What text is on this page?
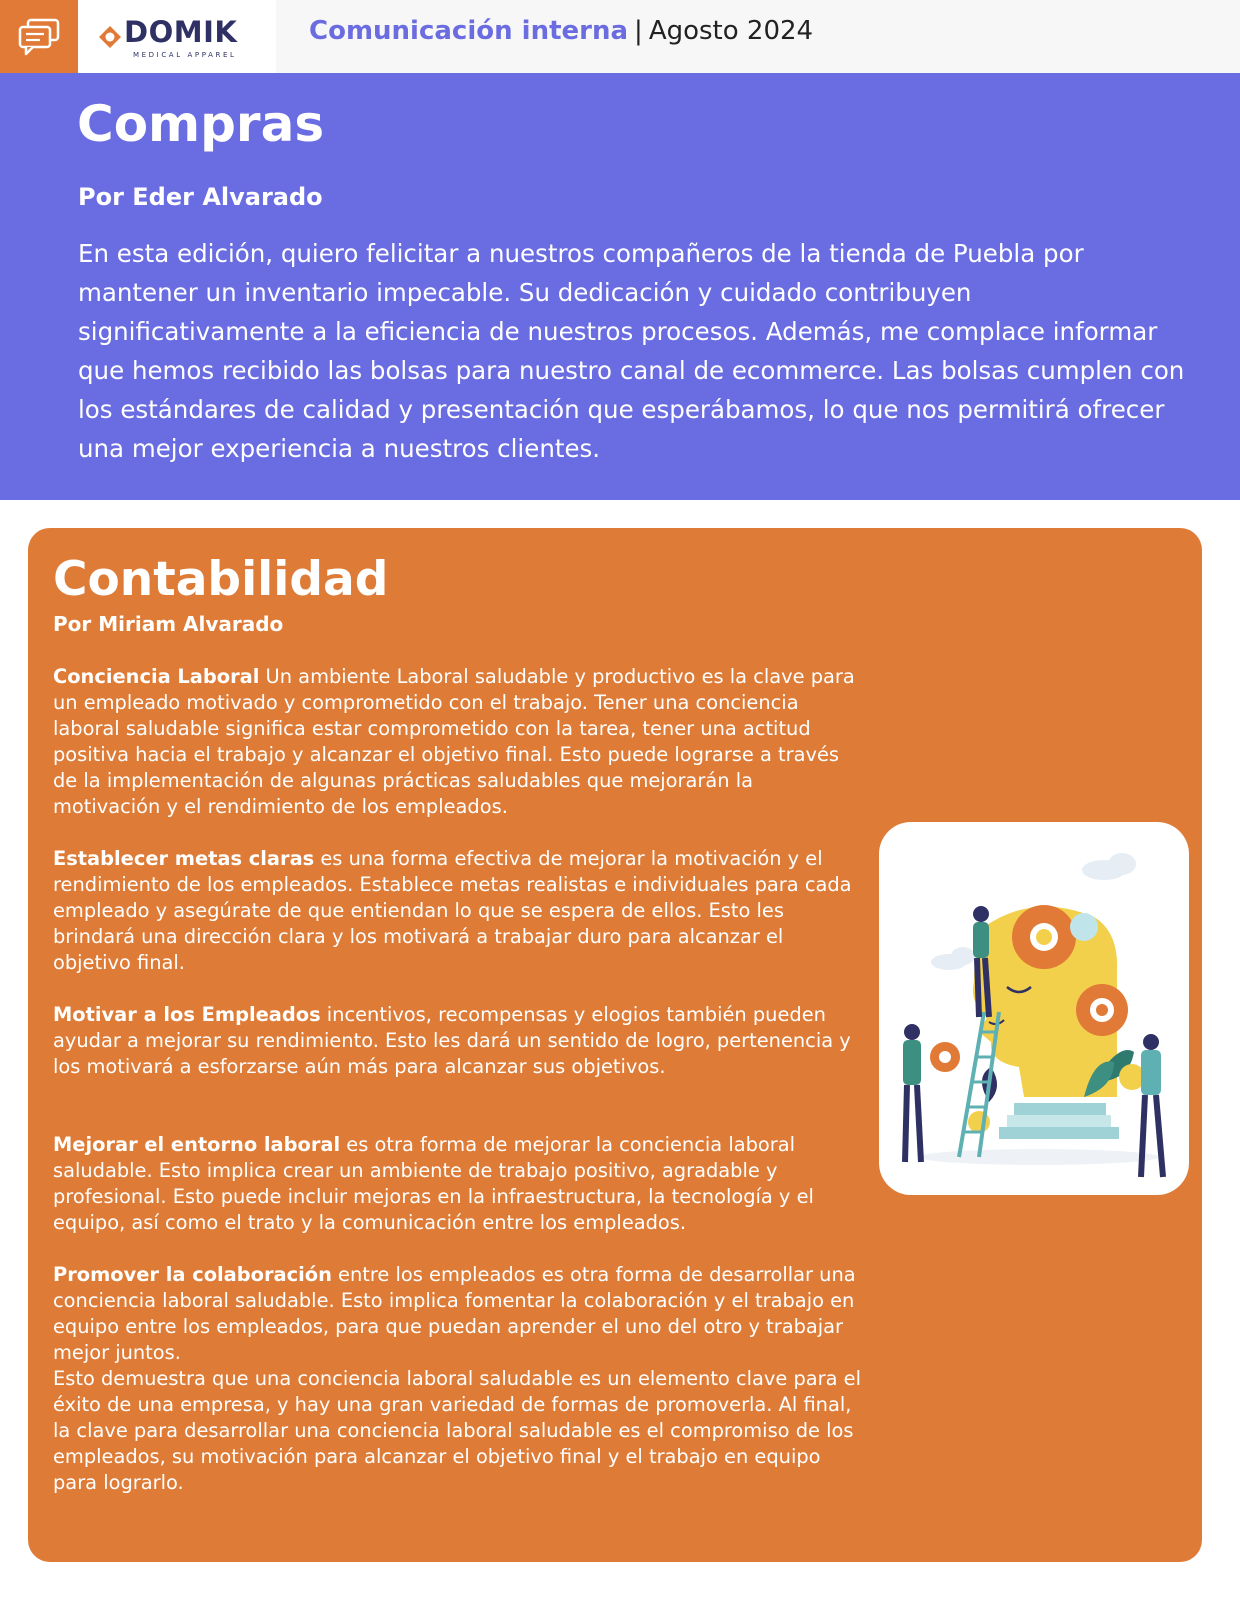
DOMIK
MEDICAL APPAREL
Comunicación interna | Agosto 2024
Compras
Por Eder Alvarado
En esta edición, quiero felicitar a nuestros compañeros de la tienda de Puebla por mantener un inventario impecable. Su dedicación y cuidado contribuyen significativamente a la eficiencia de nuestros procesos. Además, me complace informar que hemos recibido las bolsas para nuestro canal de ecommerce. Las bolsas cumplen con los estándares de calidad y presentación que esperábamos, lo que nos permitirá ofrecer una mejor experiencia a nuestros clientes.
Contabilidad
Por Miriam Alvarado
Conciencia Laboral Un ambiente Laboral saludable y productivo es la clave para un empleado motivado y comprometido con el trabajo. Tener una conciencia laboral saludable significa estar comprometido con la tarea, tener una actitud positiva hacia el trabajo y alcanzar el objetivo final. Esto puede lograrse a través de la implementación de algunas prácticas saludables que mejorarán la motivación y el rendimiento de los empleados.
Establecer metas claras es una forma efectiva de mejorar la motivación y el rendimiento de los empleados. Establece metas realistas e individuales para cada empleado y asegúrate de que entiendan lo que se espera de ellos. Esto les brindará una dirección clara y los motivará a trabajar duro para alcanzar el objetivo final.
Motivar a los Empleados incentivos, recompensas y elogios también pueden ayudar a mejorar su rendimiento. Esto les dará un sentido de logro, pertenencia y los motivará a esforzarse aún más para alcanzar sus objetivos.
Mejorar el entorno laboral es otra forma de mejorar la conciencia laboral saludable. Esto implica crear un ambiente de trabajo positivo, agradable y profesional. Esto puede incluir mejoras en la infraestructura, la tecnología y el equipo, así como el trato y la comunicación entre los empleados.
Promover la colaboración entre los empleados es otra forma de desarrollar una conciencia laboral saludable. Esto implica fomentar la colaboración y el trabajo en equipo entre los empleados, para que puedan aprender el uno del otro y trabajar mejor juntos.
Esto demuestra que una conciencia laboral saludable es un elemento clave para el éxito de una empresa, y hay una gran variedad de formas de promoverla. Al final, la clave para desarrollar una conciencia laboral saludable es el compromiso de los empleados, su motivación para alcanzar el objetivo final y el trabajo en equipo para lograrlo.
